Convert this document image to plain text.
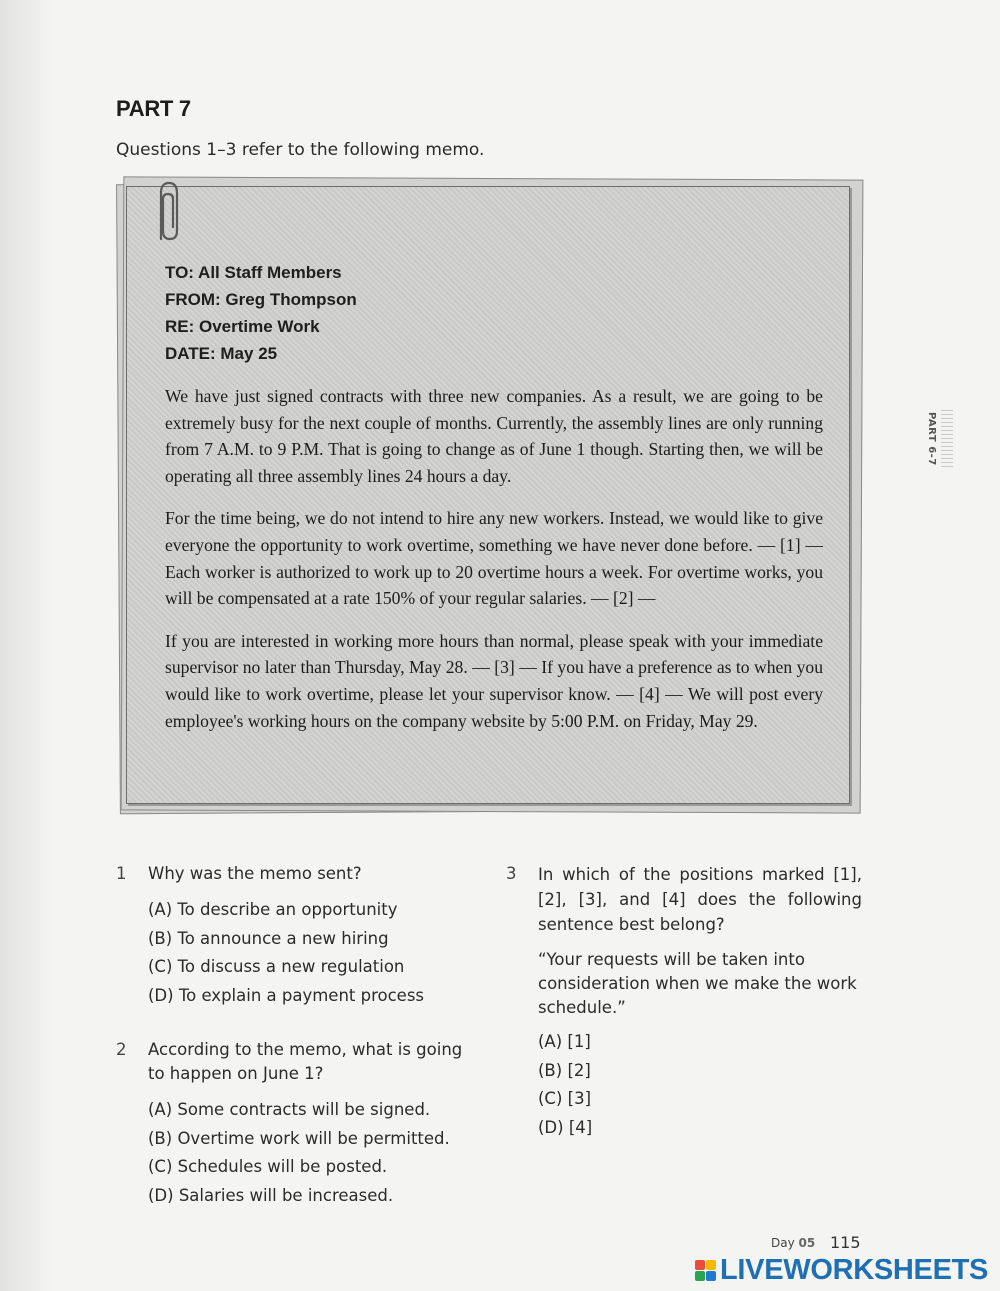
PART 7
Questions 1–3 refer to the following memo.
TO: All Staff Members
FROM: Greg Thompson
RE: Overtime Work
DATE: May 25

We have just signed contracts with three new companies. As a result, we are going to be extremely busy for the next couple of months. Currently, the assembly lines are only running from 7 A.M. to 9 P.M. That is going to change as of June 1 though. Starting then, we will be operating all three assembly lines 24 hours a day.

For the time being, we do not intend to hire any new workers. Instead, we would like to give everyone the opportunity to work overtime, something we have never done before. — [1] — Each worker is authorized to work up to 20 overtime hours a week. For overtime works, you will be compensated at a rate 150% of your regular salaries. — [2] —

If you are interested in working more hours than normal, please speak with your immediate supervisor no later than Thursday, May 28. — [3] — If you have a preference as to when you would like to work overtime, please let your supervisor know. — [4] — We will post every employee's working hours on the company website by 5:00 P.M. on Friday, May 29.

PART 6-7
1 Why was the memo sent?
(A) To describe an opportunity
(B) To announce a new hiring
(C) To discuss a new regulation
(D) To explain a payment process
2 According to the memo, what is going to happen on June 1?
(A) Some contracts will be signed.
(B) Overtime work will be permitted.
(C) Schedules will be posted.
(D) Salaries will be increased.
3 In which of the positions marked [1], [2], [3], and [4] does the following sentence best belong?
“Your requests will be taken into consideration when we make the work schedule.”
(A) [1]
(B) [2]
(C) [3]
(D) [4]
Day 05 115
LIVEWORKSHEETS
